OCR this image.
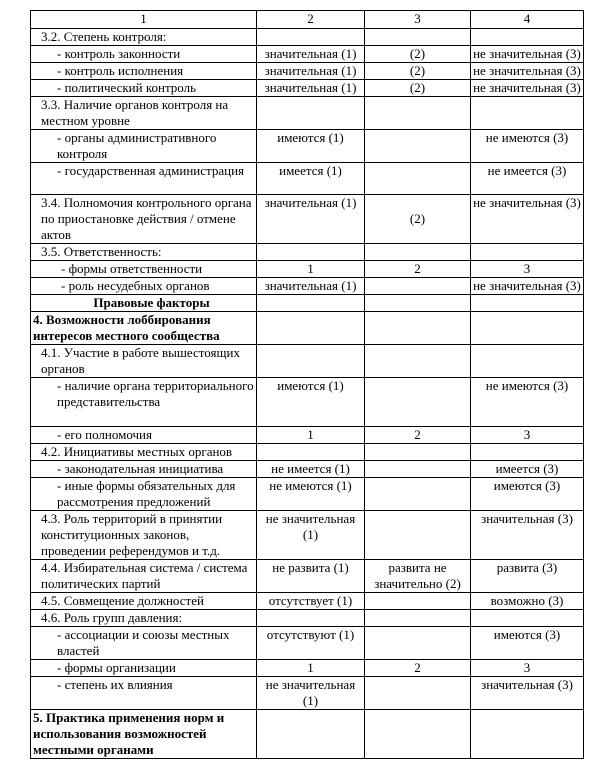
1	2	3	4
3.2. Степень контроля:			
- контроль законности	значительная (1)	(2)	не значительная (3)
- контроль исполнения	значительная (1)	(2)	не значительная (3)
- политический контроль	значительная (1)	(2)	не значительная (3)
3.3. Наличие органов контроля на местном уровне			
- органы административного контроля	имеются (1)		не имеются (3)
- государственная администрация	имеется (1)		не имеется (3)
3.4. Полномочия контрольного органа по приостановке действия / отмене актов	значительная (1)	(2)	не значительная (3)
3.5. Ответственность:			
- формы ответственности	1	2	3
- роль несудебных органов	значительная (1)		не значительная (3)
Правовые факторы			
4. Возможности лоббирования интересов местного сообщества			
4.1. Участие в работе вышестоящих органов			
- наличие органа территориального представительства	имеются (1)		не имеются (3)
- его полномочия	1	2	3
4.2. Инициативы местных органов			
- законодательная инициатива	не имеется (1)		имеется (3)
- иные формы обязательных для рассмотрения предложений	не имеются (1)		имеются (3)
4.3. Роль территорий в принятии конституционных законов, проведении референдумов и т.д.	не значительная (1)		значительная (3)
4.4. Избирательная система / система политических партий	не развита (1)	развита не значительно (2)	развита (3)
4.5. Совмещение должностей	отсутствует (1)		возможно (3)
4.6. Роль групп давления:			
- ассоциации и союзы местных властей	отсутствуют (1)		имеются (3)
- формы организации	1	2	3
- степень их влияния	не значительная (1)		значительная (3)
5. Практика применения норм и использования возможностей местными органами			
